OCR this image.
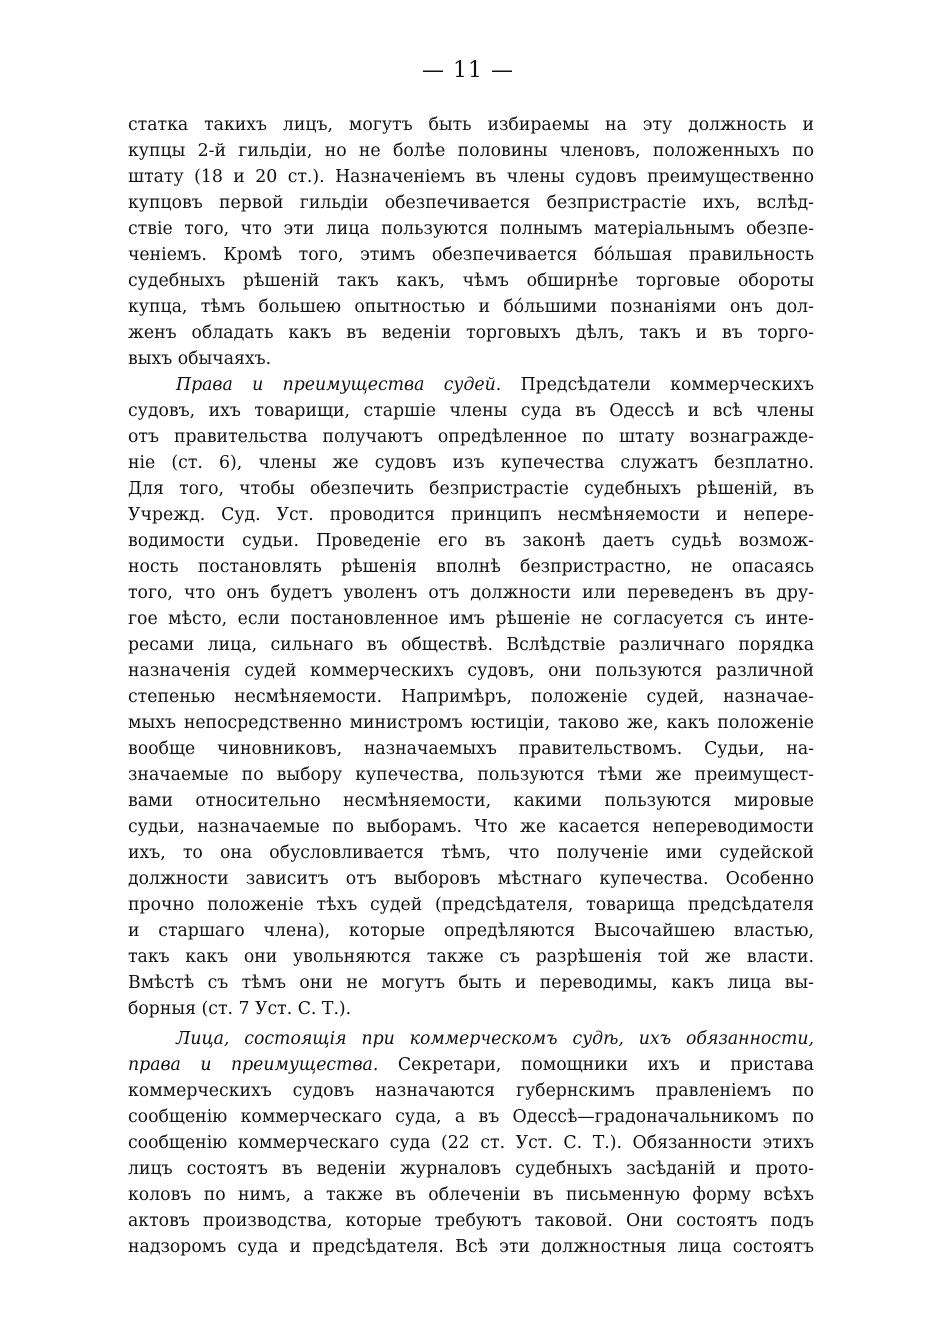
— 11 —

статка такихъ лицъ, могутъ быть избираемы на эту должность и

купцы 2-й гильдіи, но не болѣе половины членовъ, положенныхъ по

штату (18 и 20 ст.). Назначеніемъ въ члены судовъ преимущественно

купцовъ первой гильдіи обезпечивается безпристрастіе ихъ, вслѣд-

ствіе того, что эти лица пользуются полнымъ матеріальнымъ обезпе-

ченіемъ. Кромѣ того, этимъ обезпечивается бóльшая правильность

судебныхъ рѣшеній такъ какъ, чѣмъ обширнѣе торговые обороты

купца, тѣмъ большею опытностью и бóльшими познаніями онъ дол-

женъ обладать какъ въ веденіи торговыхъ дѣлъ, такъ и въ торго-

выхъ обычаяхъ.

Права и преимущества судей. Предсѣдатели коммерческихъ

судовъ, ихъ товарищи, старшіе члены суда въ Одессѣ и всѣ члены

отъ правительства получаютъ опредѣленное по штату вознагражде-

ніе (ст. 6), члены же судовъ изъ купечества служатъ безплатно.

Для того, чтобы обезпечить безпристрастіе судебныхъ рѣшеній, въ

Учрежд. Суд. Уст. проводится принципъ несмѣняемости и непере-

водимости судьи. Проведеніе его въ законѣ даетъ судьѣ возмож-

ность постановлять рѣшенія вполнѣ безпристрастно, не опасаясь

того, что онъ будетъ уволенъ отъ должности или переведенъ въ дру-

гое мѣсто, если постановленное имъ рѣшеніе не согласуется съ инте-

ресами лица, сильнаго въ обществѣ. Вслѣдствіе различнаго порядка

назначенія судей коммерческихъ судовъ, они пользуются различной

степенью несмѣняемости. Напримѣръ, положеніе судей, назначае-

мыхъ непосредственно министромъ юстиціи, таково же, какъ положеніе

вообще чиновниковъ, назначаемыхъ правительствомъ. Судьи, на-

значаемые по выбору купечества, пользуются тѣми же преимущест-

вами относительно несмѣняемости, какими пользуются мировые

судьи, назначаемые по выборамъ. Что же касается непереводимости

ихъ, то она обусловливается тѣмъ, что полученіе ими судейской

должности зависитъ отъ выборовъ мѣстнаго купечества. Особенно

прочно положеніе тѣхъ судей (предсѣдателя, товарища предсѣдателя

и старшаго члена), которые опредѣляются Высочайшею властью,

такъ какъ они увольняются также съ разрѣшенія той же власти.

Вмѣстѣ съ тѣмъ они не могутъ быть и переводимы, какъ лица вы-

борныя (ст. 7 Уст. С. Т.).

Лица, состоящія при коммерческомъ судѣ, ихъ обязанности,

права и преимущества. Секретари, помощники ихъ и пристава

коммерческихъ судовъ назначаются губернскимъ правленіемъ по

сообщенію коммерческаго суда, а въ Одессѣ—градоначальникомъ по

сообщенію коммерческаго суда (22 ст. Уст. С. Т.). Обязанности этихъ

лицъ состоятъ въ веденіи журналовъ судебныхъ засѣданій и прото-

коловъ по нимъ, а также въ облеченіи въ письменную форму всѣхъ

актовъ производства, которые требуютъ таковой. Они состоятъ подъ

надзоромъ суда и предсѣдателя. Всѣ эти должностныя лица состоятъ
